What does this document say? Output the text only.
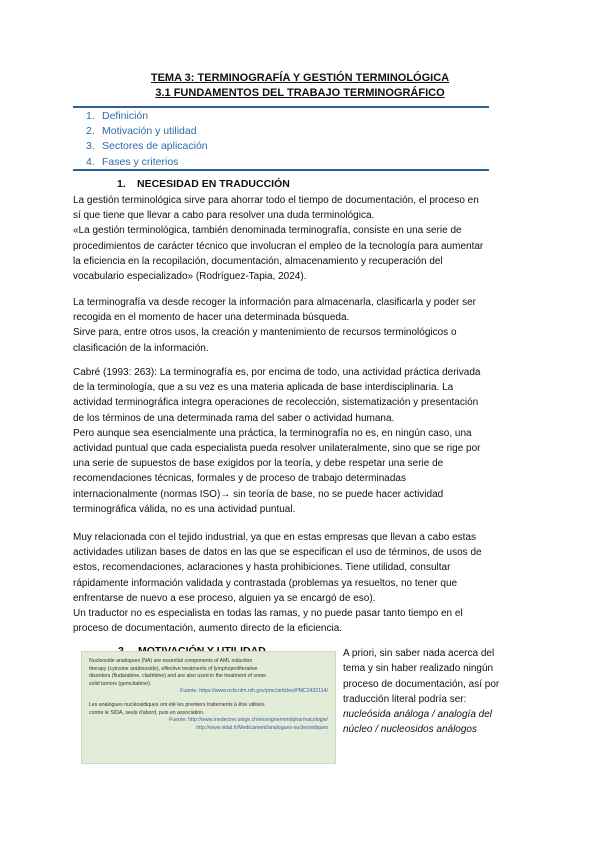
TEMA 3: TERMINOGRAFÍA Y GESTIÓN TERMINOLÓGICA
3.1 FUNDAMENTOS DEL TRABAJO TERMINOGRÁFICO
1. Definición
2. Motivación y utilidad
3. Sectores de aplicación
4. Fases y criterios
1. NECESIDAD EN TRADUCCIÓN
La gestión terminológica sirve para ahorrar todo el tiempo de documentación, el proceso en
sí que tiene que llevar a cabo para resolver una duda terminológica.
«La gestión terminológica, también denominada terminografía, consiste en una serie de
procedimientos de carácter técnico que involucran el empleo de la tecnología para aumentar
la eficiencia en la recopilación, documentación, almacenamiento y recuperación del
vocabulario especializado» (Rodríguez-Tapia, 2024).
La terminografía va desde recoger la información para almacenarla, clasificarla y poder ser
recogida en el momento de hacer una determinada búsqueda.
Sirve para, entre otros usos, la creación y mantenimiento de recursos terminológicos o
clasificación de la información.
Cabré (1993: 263): La terminografía es, por encima de todo, una actividad práctica derivada
de la terminología, que a su vez es una materia aplicada de base interdisciplinaria. La
actividad terminográfica integra operaciones de recolección, sistematización y presentación
de los términos de una determinada rama del saber o actividad humana.
Pero aunque sea esencialmente una práctica, la terminografía no es, en ningún caso, una
actividad puntual que cada especialista pueda resolver unilateralmente, sino que se rige por
una serie de supuestos de base exigidos por la teoría, y debe respetar una serie de
recomendaciones técnicas, formales y de proceso de trabajo determinadas
internacionalmente (normas ISO)→ sin teoría de base, no se puede hacer actividad
terminográfica válida, no es una actividad puntual.
Muy relacionada con el tejido industrial, ya que en estas empresas que llevan a cabo estas
actividades utilizan bases de datos en las que se especifican el uso de términos, de usos de
estos, recomendaciones, aclaraciones y hasta prohibiciones. Tiene utilidad, consultar
rápidamente información validada y contrastada (problemas ya resueltos, no tener que
enfrentarse de nuevo a ese proceso, alguien ya se encargó de eso).
Un traductor no es especialista en todas las ramas, y no puede pasar tanto tiempo en el
proceso de documentación, aumento directo de la eficiencia.
Nucleoside analogues (NA) are essential components of AML induction
therapy (cytosine arabinoside), effective treatments of lymphoproliferative
disorders (fludarabine, cladribine) and are also used in the treatment of some
solid tumors (gemcitabine).
Fuente: https://www.ncbi.nlm.nih.gov/pmc/articles/PMC2432114/
Les analogues nucléosidiques ont été les premiers traitements à être utilisés
contre le SIDA, seuls d'abord, puis en association.
Fuente: http://www.medecine.unige.ch/enseignement/pharmacologie/
http://www.vidal.fr/Medicament/analogues-nucleosidiques
A priori, sin saber nada acerca del
tema y sin haber realizado ningún
proceso de documentación, así por
traducción literal podría ser:
nucleósida análoga / analogía del
núcleo / nucleosidos análogos
